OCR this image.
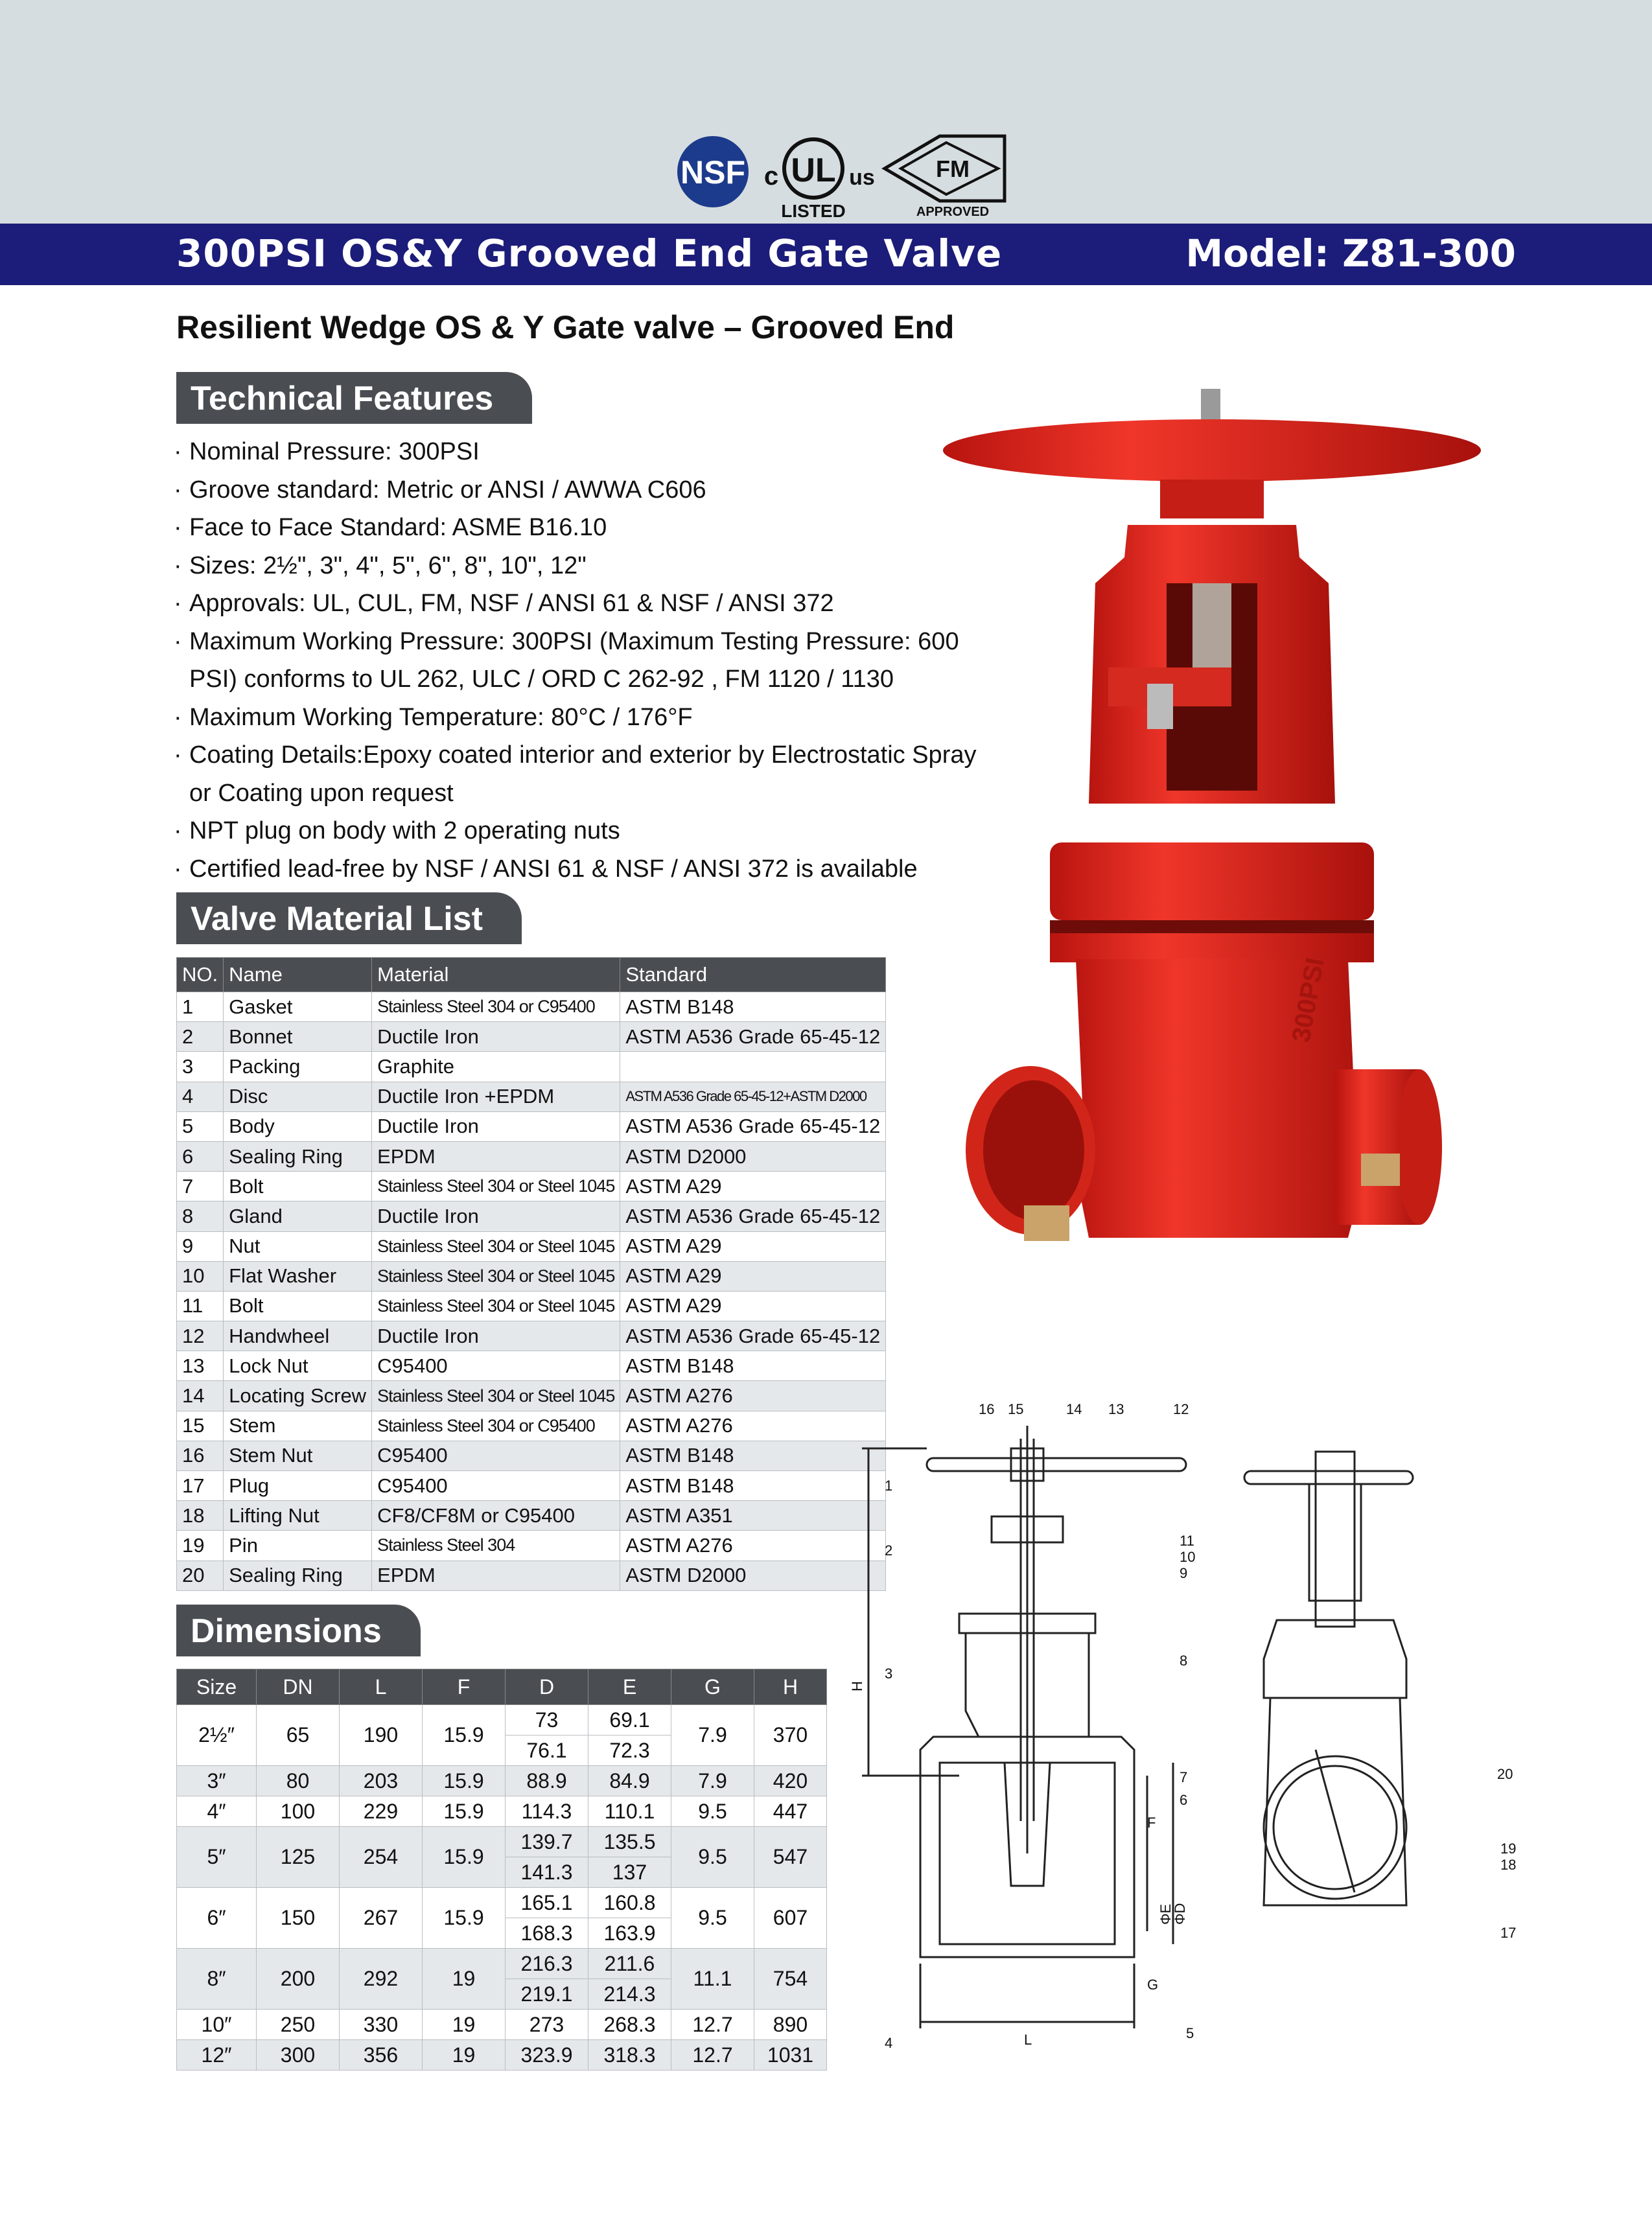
NSF c UL us
LISTED
FM
APPROVED
300PSI OS&Y Grooved End Gate Valve	Model: Z81-300
Resilient Wedge OS & Y Gate valve – Grooved End
Technical Features
· Nominal Pressure: 300PSI
· Groove standard: Metric or ANSI / AWWA C606
· Face to Face Standard: ASME B16.10
· Sizes: 2½", 3", 4", 5", 6", 8", 10", 12"
· Approvals: UL, CUL, FM, NSF / ANSI 61 & NSF / ANSI 372
· Maximum Working Pressure: 300PSI (Maximum Testing Pressure: 600 PSI) conforms to UL 262, ULC / ORD C 262-92 , FM 1120 / 1130
· Maximum Working Temperature: 80°C / 176°F
· Coating Details:Epoxy coated interior and exterior by Electrostatic Spray or Coating upon request
· NPT plug on body with 2 operating nuts
· Certified lead-free by NSF / ANSI 61 & NSF / ANSI 372 is available
Valve Material List
NO.	Name	Material	Standard
1	Gasket	Stainless Steel 304 or C95400	ASTM B148
2	Bonnet	Ductile Iron	ASTM A536 Grade 65-45-12
3	Packing	Graphite	
4	Disc	Ductile Iron +EPDM	ASTM A536 Grade 65-45-12+ASTM D2000
5	Body	Ductile Iron	ASTM A536 Grade 65-45-12
6	Sealing Ring	EPDM	ASTM D2000
7	Bolt	Stainless Steel 304 or Steel 1045	ASTM A29
8	Gland	Ductile Iron	ASTM A536 Grade 65-45-12
9	Nut	Stainless Steel 304 or Steel 1045	ASTM A29
10	Flat Washer	Stainless Steel 304 or Steel 1045	ASTM A29
11	Bolt	Stainless Steel 304 or Steel 1045	ASTM A29
12	Handwheel	Ductile Iron	ASTM A536 Grade 65-45-12
13	Lock Nut	C95400	ASTM B148
14	Locating Screw	Stainless Steel 304 or Steel 1045	ASTM A276
15	Stem	Stainless Steel 304 or C95400	ASTM A276
16	Stem Nut	C95400	ASTM B148
17	Plug	C95400	ASTM B148
18	Lifting Nut	CF8/CF8M or C95400	ASTM A351
19	Pin	Stainless Steel 304	ASTM A276
20	Sealing Ring	EPDM	ASTM D2000
Dimensions
Size	DN	L	F	D	E	G	H
2½″	65	190	15.9	73	69.1	7.9	370
				76.1	72.3		
3″	80	203	15.9	88.9	84.9	7.9	420
4″	100	229	15.9	114.3	110.1	9.5	447
5″	125	254	15.9	139.7	135.5	9.5	547
				141.3	137		
6″	150	267	15.9	165.1	160.8	9.5	607
				168.3	163.9		
8″	200	292	19	216.3	211.6	11.1	754
				219.1	214.3		
10″	250	330	19	273	268.3	12.7	890
12″	300	356	19	323.9	318.3	12.7	1031
300PSI
16 15	14 13	12
1
2
11
10
9
8
3
7
6
4
5
20
19
18
17
H
F
ΦE
ΦD
G
L
